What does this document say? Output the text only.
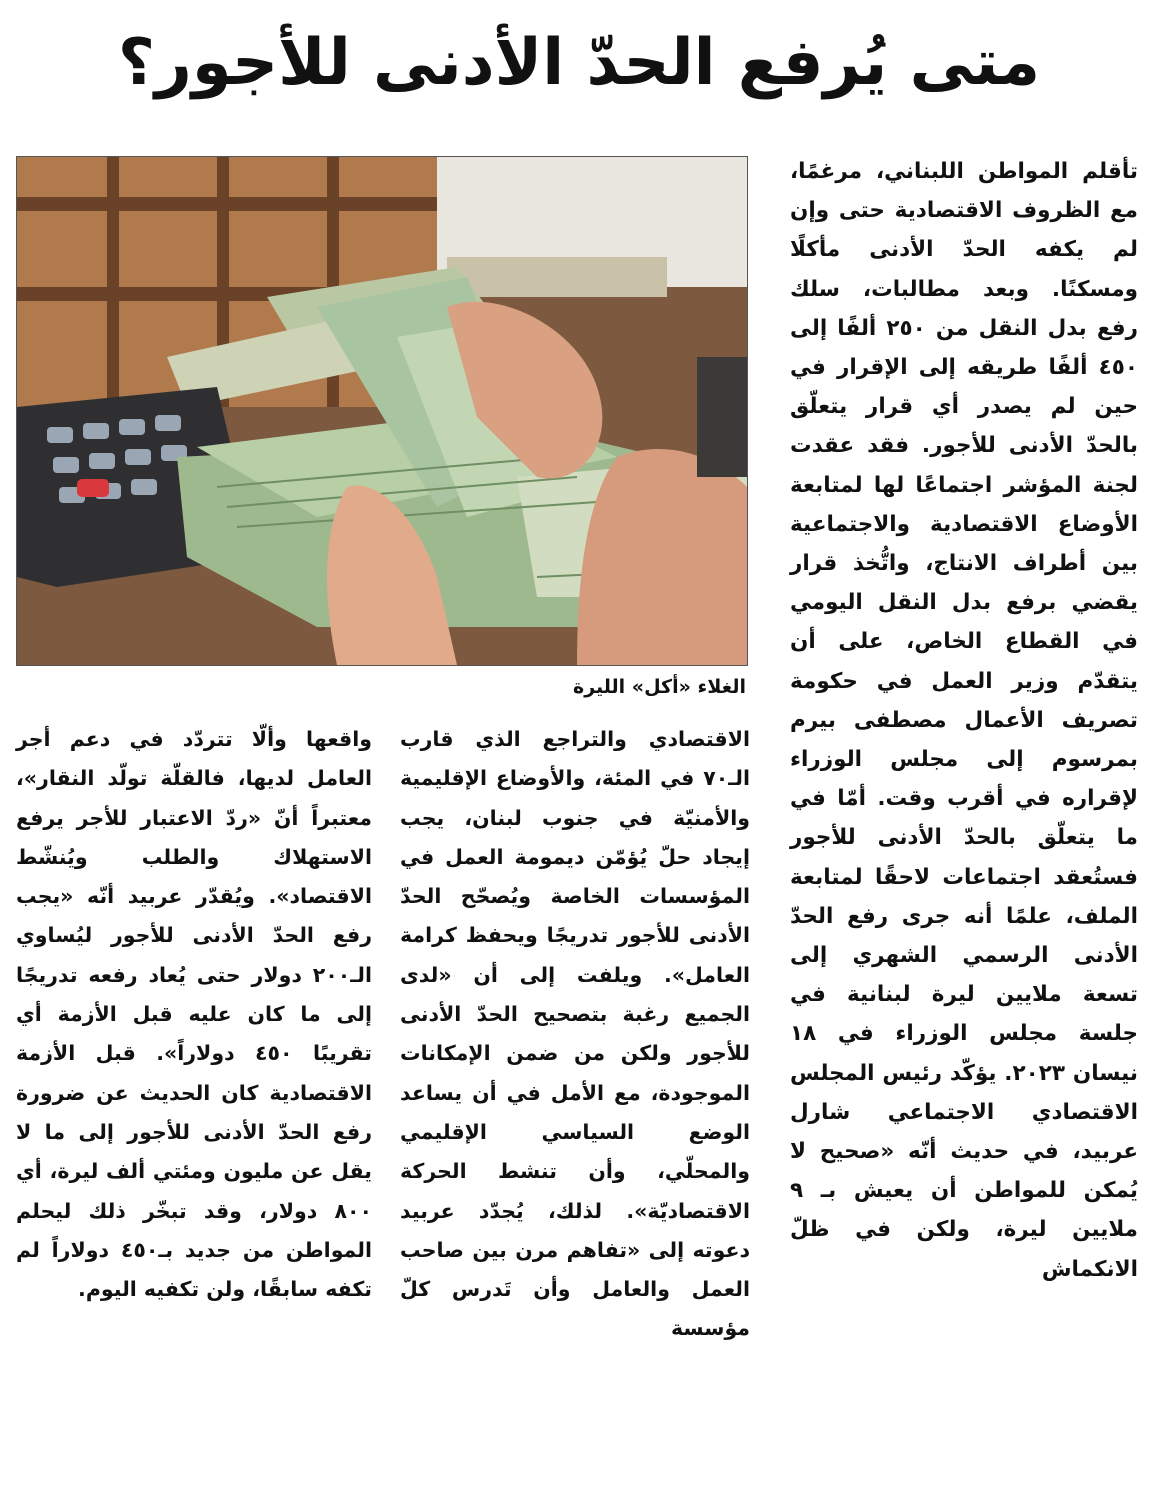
متى يُرفع الحدّ الأدنى للأجور؟
الغلاء «أكل» الليرة

تأقلم المواطن اللبناني، مرغمًا، مع الظروف الاقتصادية حتى وإن لم يكفه الحدّ الأدنى مأكلًا ومسكنًا. وبعد مطالبات، سلك رفع بدل النقل من ٢٥٠ ألفًا إلى ٤٥٠ ألفًا طريقه إلى الإقرار في حين لم يصدر أي قرار يتعلّق بالحدّ الأدنى للأجور. فقد عقدت لجنة المؤشر اجتماعًا لها لمتابعة الأوضاع الاقتصادية والاجتماعية بين أطراف الانتاج، واتُّخذ قرار يقضي برفع بدل النقل اليومي في القطاع الخاص، على أن يتقدّم وزير العمل في حكومة تصريف الأعمال مصطفى بيرم بمرسوم إلى مجلس الوزراء لإقراره في أقرب وقت. أمّا في ما يتعلّق بالحدّ الأدنى للأجور فستُعقد اجتماعات لاحقًا لمتابعة الملف، علمًا أنه جرى رفع الحدّ الأدنى الرسمي الشهري إلى تسعة ملايين ليرة لبنانية في جلسة مجلس الوزراء في ١٨ نيسان ٢٠٢٣. يؤكّد رئيس المجلس الاقتصادي الاجتماعي شارل عربيد، في حديث أنّه «صحيح لا يُمكن للمواطن أن يعيش بـ ٩ ملايين ليرة، ولكن في ظلّ الانكماش

الاقتصادي والتراجع الذي قارب الـ٧٠ في المئة، والأوضاع الإقليمية والأمنيّة في جنوب لبنان، يجب إيجاد حلّ يُؤمّن ديمومة العمل في المؤسسات الخاصة ويُصحّح الحدّ الأدنى للأجور تدريجًا ويحفظ كرامة العامل». ويلفت إلى أن «لدى الجميع رغبة بتصحيح الحدّ الأدنى للأجور ولكن من ضمن الإمكانات الموجودة، مع الأمل في أن يساعد الوضع السياسي الإقليمي والمحلّي، وأن تنشط الحركة الاقتصاديّة». لذلك، يُجدّد عربيد دعوته إلى «تفاهم مرن بين صاحب العمل والعامل وأن تَدرس كلّ مؤسسة

واقعها وألّا تتردّد في دعم أجر العامل لديها، فالقلّة تولّد النقار»، معتبراً أنّ «ردّ الاعتبار للأجر يرفع الاستهلاك والطلب ويُنشّط الاقتصاد». ويُقدّر عربيد أنّه «يجب رفع الحدّ الأدنى للأجور ليُساوي الـ٢٠٠ دولار حتى يُعاد رفعه تدريجًا إلى ما كان عليه قبل الأزمة أي تقريبًا ٤٥٠ دولاراً». قبل الأزمة الاقتصادية كان الحديث عن ضرورة رفع الحدّ الأدنى للأجور إلى ما لا يقل عن مليون ومئتي ألف ليرة، أي ٨٠٠ دولار، وقد تبخّر ذلك ليحلم المواطن من جديد بـ٤٥٠ دولاراً لم تكفه سابقًا، ولن تكفيه اليوم.
